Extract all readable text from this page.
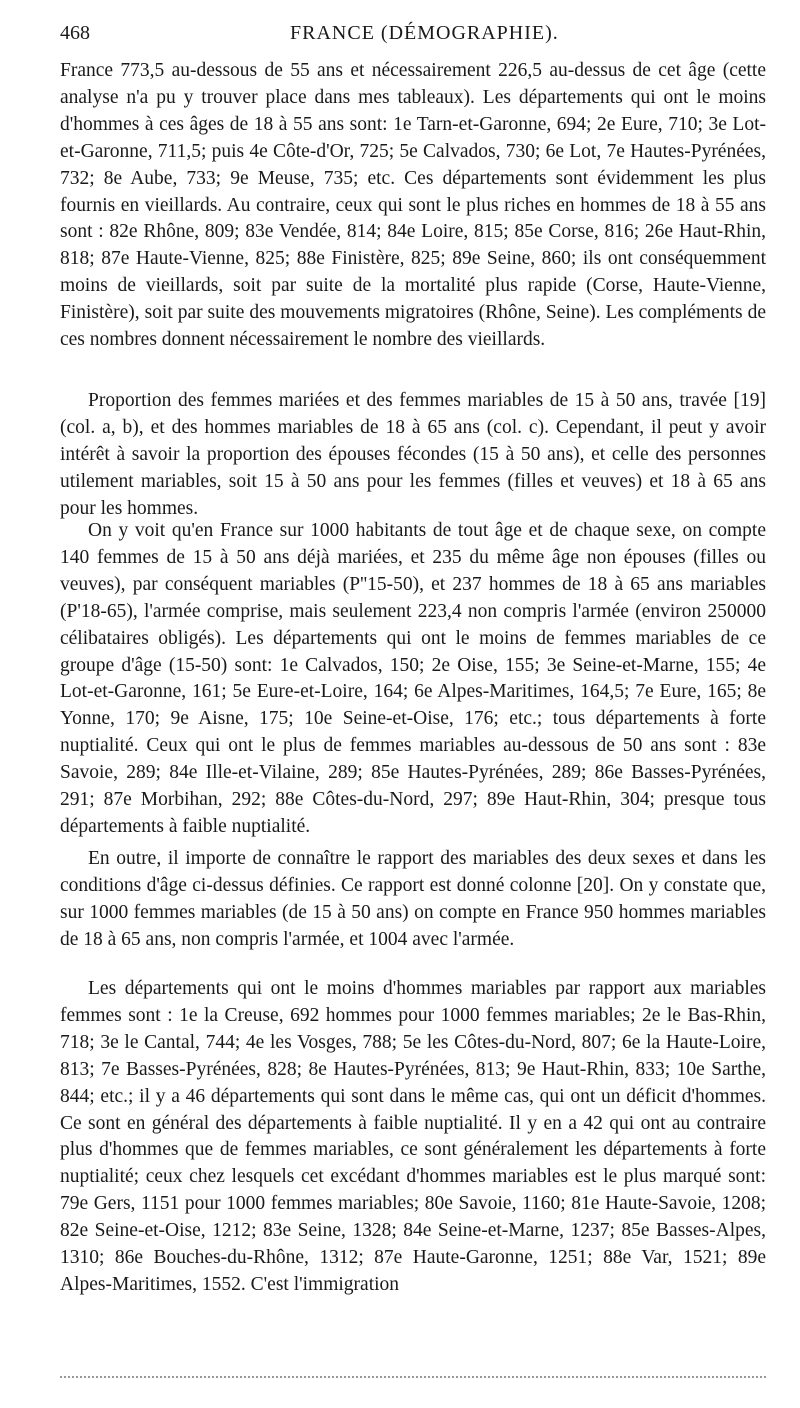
468	FRANCE (DÉMOGRAPHIE).

France 773,5 au-dessous de 55 ans et nécessairement 226,5 au-dessus de cet âge (cette analyse n'a pu y trouver place dans mes tableaux). Les départements qui ont le moins d'hommes à ces âges de 18 à 55 ans sont: 1e Tarn-et-Garonne, 694; 2e Eure, 710; 3e Lot-et-Garonne, 711,5; puis 4e Côte-d'Or, 725; 5e Calvados, 730; 6e Lot, 7e Hautes-Pyrénées, 732; 8e Aube, 733; 9e Meuse, 735; etc. Ces départements sont évidemment les plus fournis en vieillards. Au contraire, ceux qui sont le plus riches en hommes de 18 à 55 ans sont : 82e Rhône, 809; 83e Vendée, 814; 84e Loire, 815; 85e Corse, 816; 26e Haut-Rhin, 818; 87e Haute-Vienne, 825; 88e Finistère, 825; 89e Seine, 860; ils ont conséquemment moins de vieillards, soit par suite de la mortalité plus rapide (Corse, Haute-Vienne, Finistère), soit par suite des mouvements migratoires (Rhône, Seine). Les compléments de ces nombres donnent nécessairement le nombre des vieillards.

Proportion des femmes mariées et des femmes mariables de 15 à 50 ans, travée [19] (col. a, b), et des hommes mariables de 18 à 65 ans (col. c). Cependant, il peut y avoir intérêt à savoir la proportion des épouses fécondes (15 à 50 ans), et celle des personnes utilement mariables, soit 15 à 50 ans pour les femmes (filles et veuves) et 18 à 65 ans pour les hommes.

On y voit qu'en France sur 1000 habitants de tout âge et de chaque sexe, on compte 140 femmes de 15 à 50 ans déjà mariées, et 235 du même âge non épouses (filles ou veuves), par conséquent mariables (P''15-50), et 237 hommes de 18 à 65 ans mariables (P'18-65), l'armée comprise, mais seulement 223,4 non compris l'armée (environ 250000 célibataires obligés). Les départements qui ont le moins de femmes mariables de ce groupe d'âge (15-50) sont: 1e Calvados, 150; 2e Oise, 155; 3e Seine-et-Marne, 155; 4e Lot-et-Garonne, 161; 5e Eure-et-Loire, 164; 6e Alpes-Maritimes, 164,5; 7e Eure, 165; 8e Yonne, 170; 9e Aisne, 175; 10e Seine-et-Oise, 176; etc.; tous départements à forte nuptialité. Ceux qui ont le plus de femmes mariables au-dessous de 50 ans sont : 83e Savoie, 289; 84e Ille-et-Vilaine, 289; 85e Hautes-Pyrénées, 289; 86e Basses-Pyrénées, 291; 87e Morbihan, 292; 88e Côtes-du-Nord, 297; 89e Haut-Rhin, 304; presque tous départements à faible nuptialité.

En outre, il importe de connaître le rapport des mariables des deux sexes et dans les conditions d'âge ci-dessus définies. Ce rapport est donné colonne [20]. On y constate que, sur 1000 femmes mariables (de 15 à 50 ans) on compte en France 950 hommes mariables de 18 à 65 ans, non compris l'armée, et 1004 avec l'armée.

Les départements qui ont le moins d'hommes mariables par rapport aux mariables femmes sont : 1e la Creuse, 692 hommes pour 1000 femmes mariables; 2e le Bas-Rhin, 718; 3e le Cantal, 744; 4e les Vosges, 788; 5e les Côtes-du-Nord, 807; 6e la Haute-Loire, 813; 7e Basses-Pyrénées, 828; 8e Hautes-Pyrénées, 813; 9e Haut-Rhin, 833; 10e Sarthe, 844; etc.; il y a 46 départements qui sont dans le même cas, qui ont un déficit d'hommes. Ce sont en général des départements à faible nuptialité. Il y en a 42 qui ont au contraire plus d'hommes que de femmes mariables, ce sont généralement les départements à forte nuptialité; ceux chez lesquels cet excédant d'hommes mariables est le plus marqué sont: 79e Gers, 1151 pour 1000 femmes mariables; 80e Savoie, 1160; 81e Haute-Savoie, 1208; 82e Seine-et-Oise, 1212; 83e Seine, 1328; 84e Seine-et-Marne, 1237; 85e Basses-Alpes, 1310; 86e Bouches-du-Rhône, 1312; 87e Haute-Garonne, 1251; 88e Var, 1521; 89e Alpes-Maritimes, 1552. C'est l'immigration
